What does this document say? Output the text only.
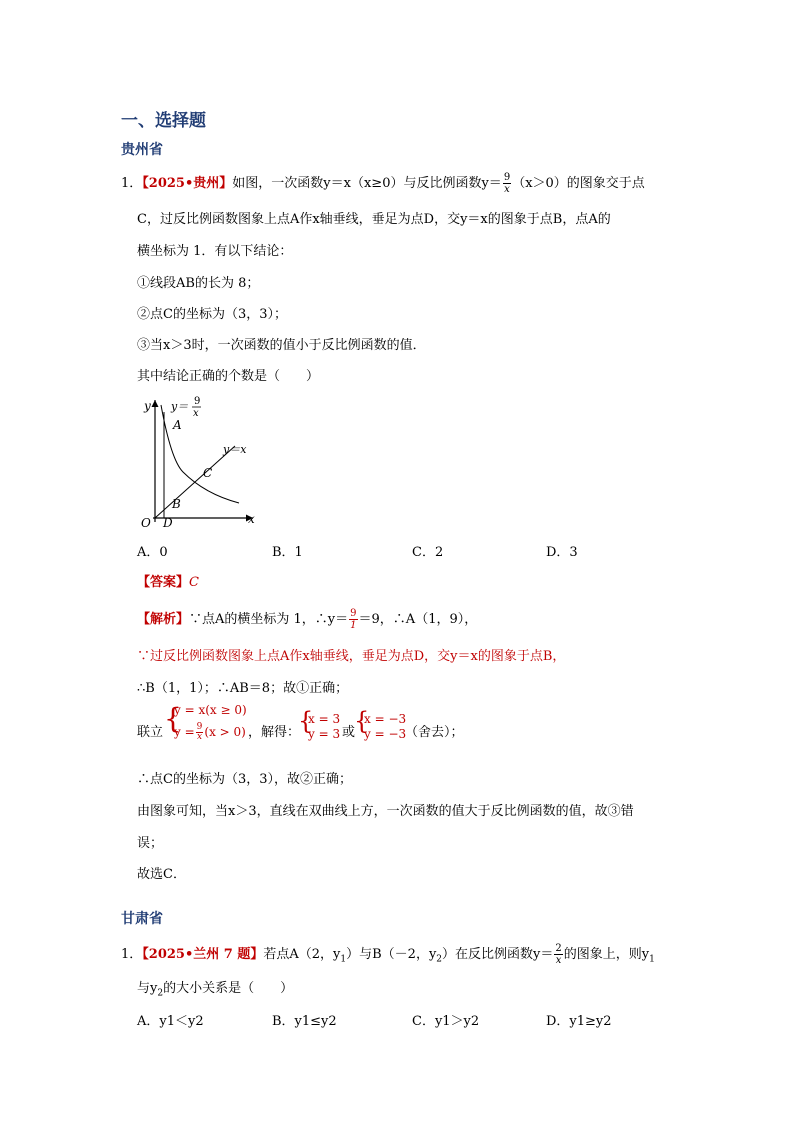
一、选择题
贵州省
1．【2025•贵州】如图，一次函数y＝x（x≥0）与反比例函数$y= \frac{9}{x} (x>0)$的图象交于点
C，过反比例函数图象上点A作x轴垂线，垂足为点D，交y＝x的图象于点B，点A的
横坐标为 1．有以下结论：
①线段AB的长为 8；
②点C的坐标为（3，3）；
③当x＞3时，一次函数的值小于反比例函数的值．
其中结论正确的个数是（　　）
y
x
O D
A
B
C
y＝x
y＝ 9
x
A．0	B．1	C．2	D．3
【答案】C
【解析】∵点A的横坐标为 1，∴y＝ $\frac{9}{1} =9$，∴A（1，9），
∵过反比例函数图象上点A作x轴垂线，垂足为点D，交y＝x的图象于点B，
∴B（1，1）；∴AB＝8；故①正确；
联立 {
y = x(x ≥ 0)
$y = \frac{9}{x} (x > 0)$ ，解得：
{
x = 3
y = 3 或
{
x = −3
y = −3
（舍去）；
∴点C的坐标为（3，3），故②正确；
由图象可知，当x＞3，直线在双曲线上方，一次函数的值大于反比例函数的值，故③错
误；
故选C．
甘肃省
1．【2025•兰州 7 题】若点A（2，$y_1$）与B（－2，$y_2$）在反比例函数$y= \frac{2}{x}$ 的图象上，则$y_1$
与$y_2$的大小关系是（　　）
A．y1＜y2	B．y1≤y2	C．y1＞y2	D．y1≥y2
